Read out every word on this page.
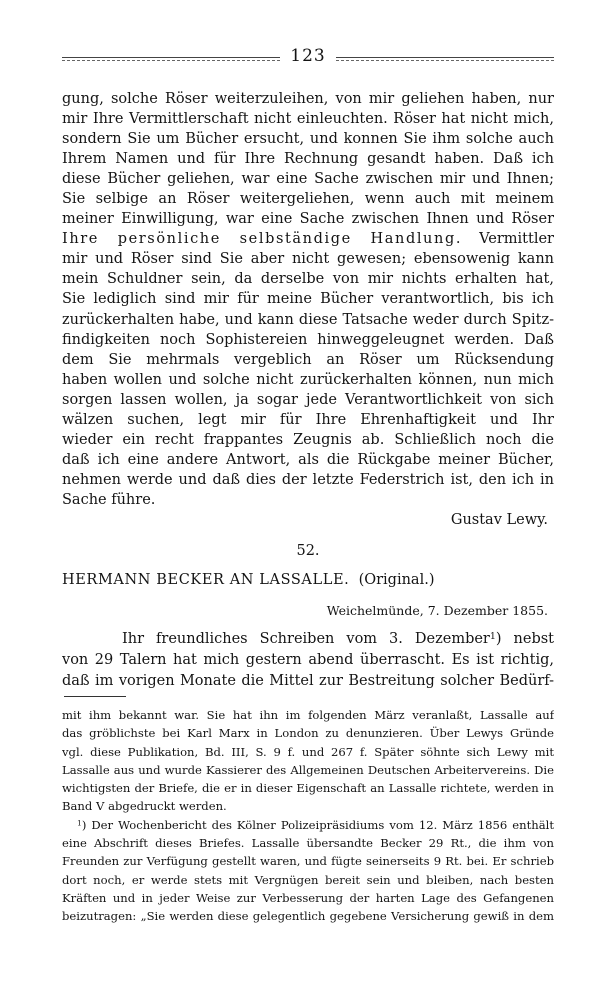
123
gung, solche Röser weiterzuleihen, von mir geliehen haben, nur
mir Ihre Vermittlerschaft nicht einleuchten. Röser hat nicht mich,
sondern Sie um Bücher ersucht, und konnen Sie ihm solche auch
Ihrem Namen und für Ihre Rechnung gesandt haben. Daß ich
diese Bücher geliehen, war eine Sache zwischen mir und Ihnen;
Sie selbige an Röser weitergeliehen, wenn auch mit meinem
meiner Einwilligung, war eine Sache zwischen Ihnen und Röser
Ihre persönliche selbständige Handlung. Vermittler
mir und Röser sind Sie aber nicht gewesen; ebensowenig kann
mein Schuldner sein, da derselbe von mir nichts erhalten hat,
Sie lediglich sind mir für meine Bücher verantwortlich, bis ich
zurückerhalten habe, und kann diese Tatsache weder durch Spitz-
findigkeiten noch Sophistereien hinweggeleugnet werden. Daß
dem Sie mehrmals vergeblich an Röser um Rücksendung
haben wollen und solche nicht zurückerhalten können, nun mich
sorgen lassen wollen, ja sogar jede Verantwortlichkeit von sich
wälzen suchen, legt mir für Ihre Ehrenhaftigkeit und Ihr
wieder ein recht frappantes Zeugnis ab. Schließlich noch die
daß ich eine andere Antwort, als die Rückgabe meiner Bücher,
nehmen werde und daß dies der letzte Federstrich ist, den ich in
Sache führe.
Gustav Lewy.
52.
HERMANN BECKER AN LASSALLE. (Original.)
Weichelmünde, 7. Dezember 1855.
Ihr freundliches Schreiben vom 3. Dezember$^1$) nebst
von 29 Talern hat mich gestern abend überrascht. Es ist richtig,
daß im vorigen Monate die Mittel zur Bestreitung solcher Bedürf-
mit ihm bekannt war. Sie hat ihn im folgenden März veranlaßt, Lassalle auf
das gröblichste bei Karl Marx in London zu denunzieren. Über Lewys Gründe
vgl. diese Publikation, Bd. III, S. 9 f. und 267 f. Später söhnte sich Lewy mit
Lassalle aus und wurde Kassierer des Allgemeinen Deutschen Arbeitervereins. Die
wichtigsten der Briefe, die er in dieser Eigenschaft an Lassalle richtete, werden in
Band V abgedruckt werden.
$^1$) Der Wochenbericht des Kölner Polizeipräsidiums vom 12. März 1856 enthält
eine Abschrift dieses Briefes. Lassalle übersandte Becker 29 Rt., die ihm von
Freunden zur Verfügung gestellt waren, und fügte seinerseits 9 Rt. bei. Er schrieb
dort noch, er werde stets mit Vergnügen bereit sein und bleiben, nach besten
Kräften und in jeder Weise zur Verbesserung der harten Lage des Gefangenen
beizutragen: „Sie werden diese gelegentlich gegebene Versicherung gewiß in dem
